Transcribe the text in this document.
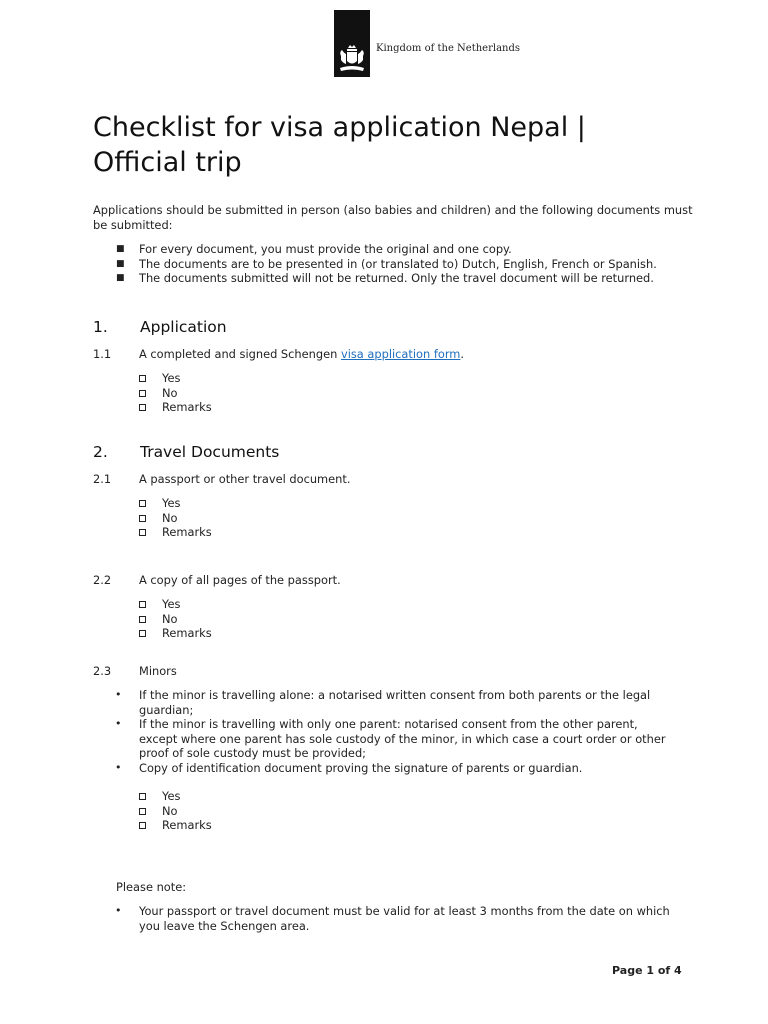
Kingdom of the Netherlands
Checklist for visa application Nepal |
Official trip
Applications should be submitted in person (also babies and children) and the following documents must be submitted:
■ For every document, you must provide the original and one copy.
■ The documents are to be presented in (or translated to) Dutch, English, French or Spanish.
■ The documents submitted will not be returned. Only the travel document will be returned.
1. Application
1.1 A completed and signed Schengen visa application form.
Yes
No
Remarks
2. Travel Documents
2.1 A passport or other travel document.
Yes
No
Remarks
2.2 A copy of all pages of the passport.
Yes
No
Remarks
2.3 Minors
• If the minor is travelling alone: a notarised written consent from both parents or the legal guardian;
• If the minor is travelling with only one parent: notarised consent from the other parent, except where one parent has sole custody of the minor, in which case a court order or other proof of sole custody must be provided;
• Copy of identification document proving the signature of parents or guardian.
Yes
No
Remarks
Please note:
• Your passport or travel document must be valid for at least 3 months from the date on which you leave the Schengen area.
Page 1 of 4
